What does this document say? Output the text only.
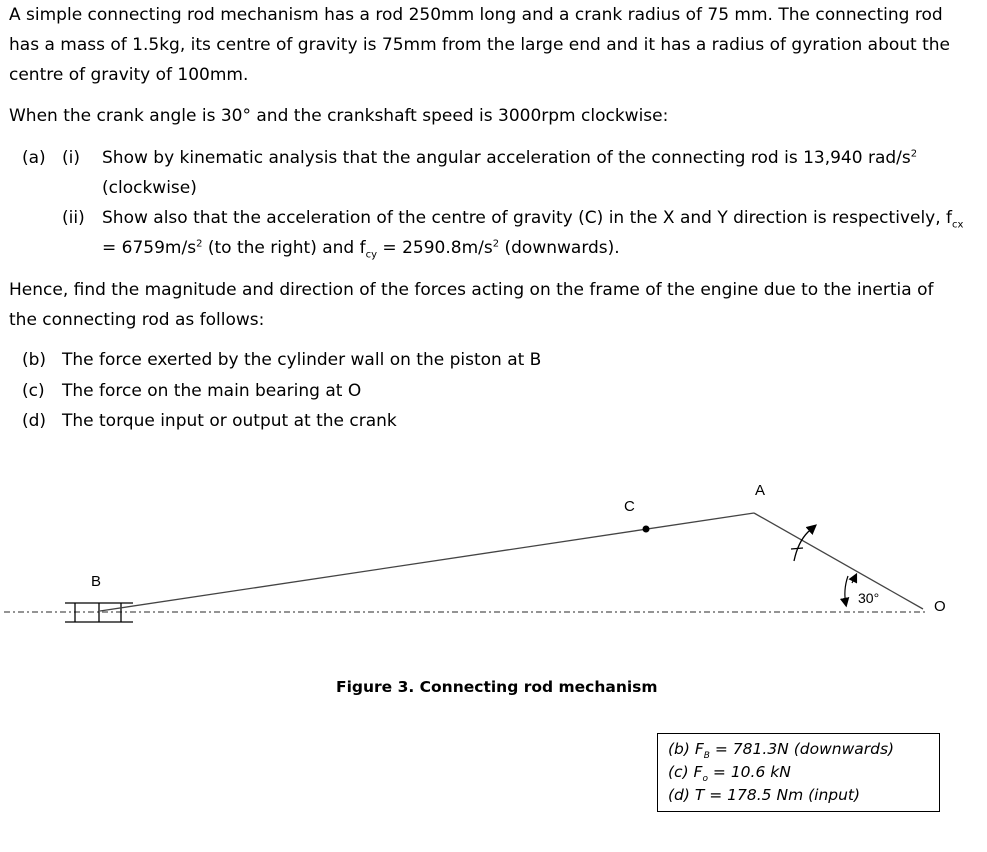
A simple connecting rod mechanism has a rod 250mm long and a crank radius of 75 mm. The connecting rod
has a mass of 1.5kg, its centre of gravity is 75mm from the large end and it has a radius of gyration about the
centre of gravity of 100mm.
When the crank angle is 30° and the crankshaft speed is 3000rpm clockwise:
(a) (i) Show by kinematic analysis that the angular acceleration of the connecting rod is 13,940 rad/$s^2$
(clockwise)
(ii) Show also that the acceleration of the centre of gravity (C) in the X and Y direction is respectively, $f_{cx}$
= $6759m/s^2$ (to the right) and $f_{cy} = 2590.8m/s^2$ (downwards).
Hence, find the magnitude and direction of the forces acting on the frame of the engine due to the inertia of
the connecting rod as follows:
(b) The force exerted by the cylinder wall on the piston at B
(c) The force on the main bearing at O
(d) The torque input or output at the crank
A
C
B
30°	O
Figure 3. Connecting rod mechanism
(b) $F_B = 781.3N$ (downwards)
(c) $F_o = 10.6$ kN
(d) T = 178.5 Nm (input)
